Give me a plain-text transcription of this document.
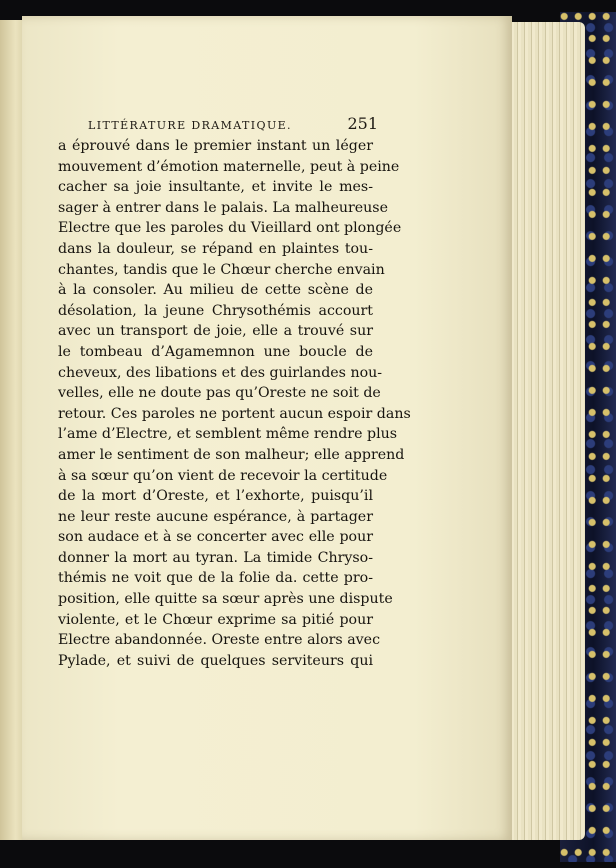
LITTÉRATURE DRAMATIQUE.	251
a éprouvé dans le premier instant un léger
mouvement d’émotion maternelle, peut à peine
cacher sa joie insultante, et invite le mes-
sager à entrer dans le palais. La malheureuse
Electre que les paroles du Vieillard ont plongée
dans la douleur, se répand en plaintes tou-
chantes, tandis que le Chœur cherche envain
à la consoler. Au milieu de cette scène de
désolation, la jeune Chrysothémis accourt
avec un transport de joie, elle a trouvé sur
le tombeau d’Agamemnon une boucle de
cheveux, des libations et des guirlandes nou-
velles, elle ne doute pas qu’Oreste ne soit de
retour. Ces paroles ne portent aucun espoir dans
l’ame d’Electre, et semblent même rendre plus
amer le sentiment de son malheur; elle apprend
à sa sœur qu’on vient de recevoir la certitude
de la mort d’Oreste, et l’exhorte, puisqu’il
ne leur reste aucune espérance, à partager
son audace et à se concerter avec elle pour
donner la mort au tyran. La timide Chryso-
thémis ne voit que de la folie da. cette pro-
position, elle quitte sa sœur après une dispute
violente, et le Chœur exprime sa pitié pour
Electre abandonnée. Oreste entre alors avec
Pylade, et suivi de quelques serviteurs qui
